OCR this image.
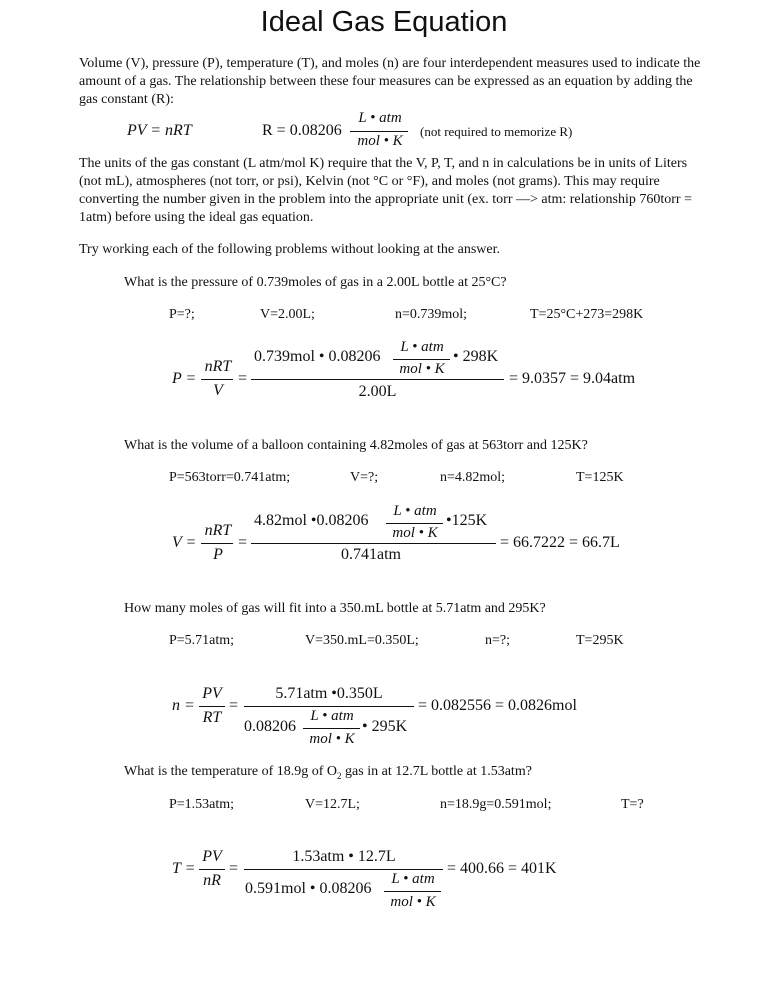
Ideal Gas Equation
Volume (V), pressure (P), temperature (T), and moles (n) are four interdependent measures used to indicate the amount of a gas. The relationship between these four measures can be expressed as an equation by adding the gas constant (R):
PV = nRT	R = 0.08206
L • atm
mol • K
(not required to memorize R)
The units of the gas constant (L atm/mol K) require that the V, P, T, and n in calculations be in units of Liters (not mL), atmospheres (not torr, or psi), Kelvin (not °C or °F), and moles (not grams). This may require converting the number given in the problem into the appropriate unit (ex. torr —> atm: relationship 760torr = 1atm) before using the ideal gas equation.
Try working each of the following problems without looking at the answer.
What is the pressure of 0.739moles of gas in a 2.00L bottle at 25°C?
P=?;	V=2.00L;	n=0.739mol;	T=25°C+273=298K
P =
nRT
V
=
0.739mol • 0.08206
L • atm
mol • K
• 298K
2.00L
= 9.0357 = 9.04atm
What is the volume of a balloon containing 4.82moles of gas at 563torr and 125K?
P=563torr=0.741atm;	V=?;	n=4.82mol;	T=125K
V =
nRT
P
=
4.82mol •0.08206
L • atm
mol • K
•125K
0.741atm
= 66.7222 = 66.7L
How many moles of gas will fit into a 350.mL bottle at 5.71atm and 295K?
P=5.71atm;	V=350.mL=0.350L;	n=?;	T=295K
n =
PV
RT
=
5.71atm •0.350L
0.08206
L • atm
mol • K
• 295K
= 0.082556 = 0.0826mol
What is the temperature of 18.9g of $O_2$ gas in at 12.7L bottle at 1.53atm?
P=1.53atm;	V=12.7L;	n=18.9g=0.591mol;	T=?
T =
PV
nR
=
1.53atm • 12.7L
0.591mol • 0.08206
L • atm
mol • K
= 400.66 = 401K
